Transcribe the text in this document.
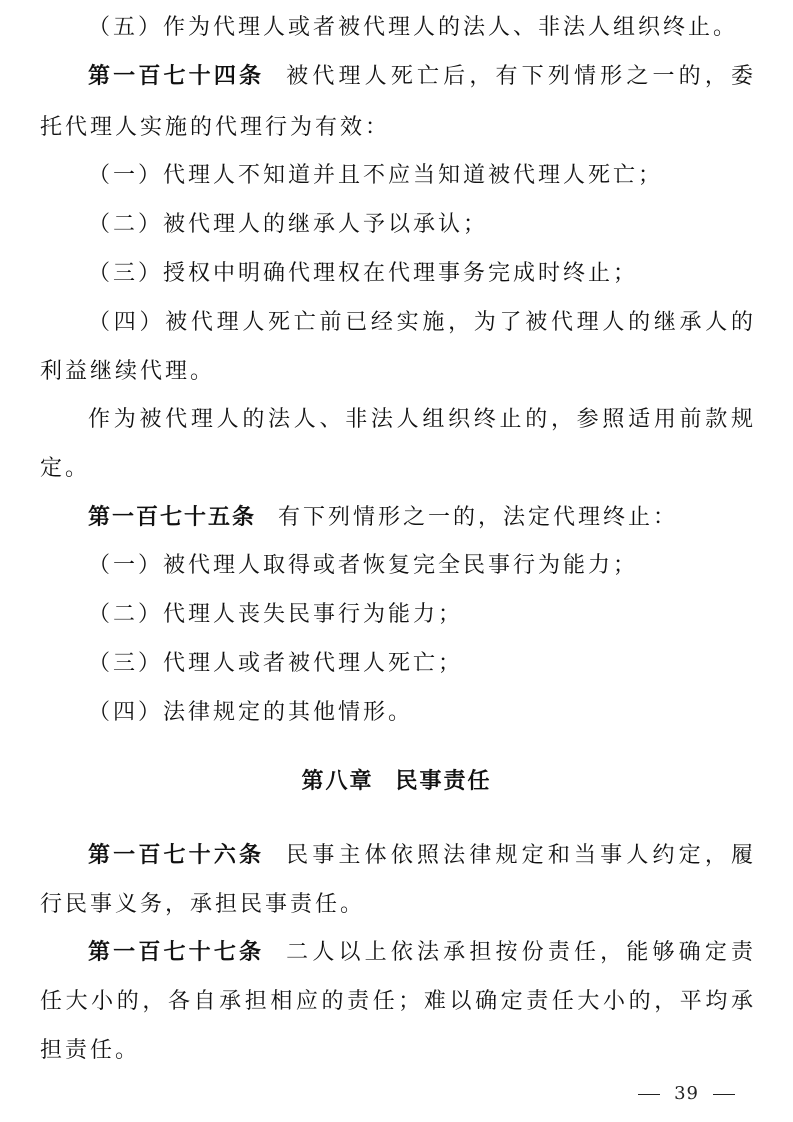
（五）作为代理人或者被代理人的法人、非法人组织终止。
第一百七十四条 被代理人死亡后，有下列情形之一的，委
托代理人实施的代理行为有效：
（一）代理人不知道并且不应当知道被代理人死亡；
（二）被代理人的继承人予以承认；
（三）授权中明确代理权在代理事务完成时终止；
（四）被代理人死亡前已经实施，为了被代理人的继承人的
利益继续代理。
作为被代理人的法人、非法人组织终止的，参照适用前款规
定。
第一百七十五条 有下列情形之一的，法定代理终止：
（一）被代理人取得或者恢复完全民事行为能力；
（二）代理人丧失民事行为能力；
（三）代理人或者被代理人死亡；
（四）法律规定的其他情形。
第八章 民事责任
第一百七十六条 民事主体依照法律规定和当事人约定，履
行民事义务，承担民事责任。
第一百七十七条 二人以上依法承担按份责任，能够确定责
任大小的，各自承担相应的责任；难以确定责任大小的，平均承
担责任。
39
